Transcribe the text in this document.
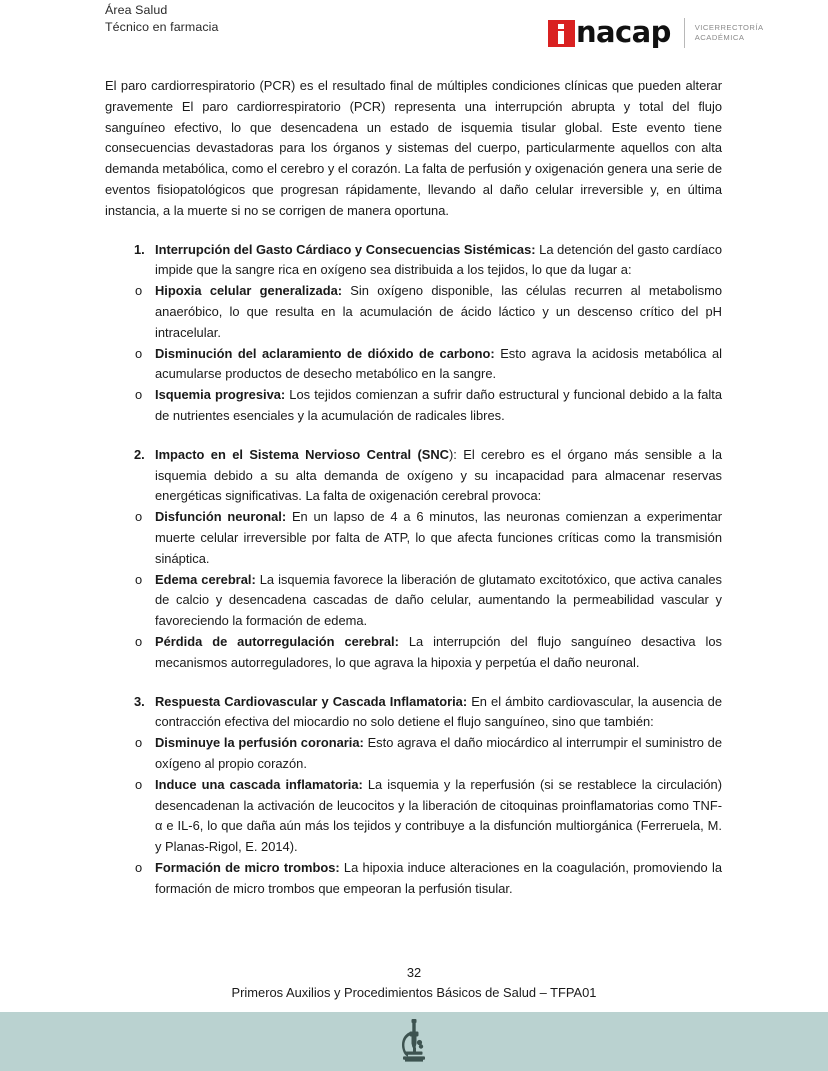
Área Salud
Técnico en farmacia	nacap	VICERRECTORÍA
ACADÉMICA

El paro cardiorrespiratorio (PCR) es el resultado final de múltiples condiciones clínicas que pueden alterar gravemente El paro cardiorrespiratorio (PCR) representa una interrupción abrupta y total del flujo sanguíneo efectivo, lo que desencadena un estado de isquemia tisular global. Este evento tiene consecuencias devastadoras para los órganos y sistemas del cuerpo, particularmente aquellos con alta demanda metabólica, como el cerebro y el corazón. La falta de perfusión y oxigenación genera una serie de eventos fisiopatológicos que progresan rápidamente, llevando al daño celular irreversible y, en última instancia, a la muerte si no se corrigen de manera oportuna.

1. Interrupción del Gasto Cárdiaco y Consecuencias Sistémicas: La detención del gasto cardíaco impide que la sangre rica en oxígeno sea distribuida a los tejidos, lo que da lugar a:
o Hipoxia celular generalizada: Sin oxígeno disponible, las células recurren al metabolismo anaeróbico, lo que resulta en la acumulación de ácido láctico y un descenso crítico del pH intracelular.
o Disminución del aclaramiento de dióxido de carbono: Esto agrava la acidosis metabólica al acumularse productos de desecho metabólico en la sangre.
o Isquemia progresiva: Los tejidos comienzan a sufrir daño estructural y funcional debido a la falta de nutrientes esenciales y la acumulación de radicales libres.
2. Impacto en el Sistema Nervioso Central (SNC): El cerebro es el órgano más sensible a la isquemia debido a su alta demanda de oxígeno y su incapacidad para almacenar reservas energéticas significativas. La falta de oxigenación cerebral provoca:
o Disfunción neuronal: En un lapso de 4 a 6 minutos, las neuronas comienzan a experimentar muerte celular irreversible por falta de ATP, lo que afecta funciones críticas como la transmisión sináptica.
o Edema cerebral: La isquemia favorece la liberación de glutamato excitotóxico, que activa canales de calcio y desencadena cascadas de daño celular, aumentando la permeabilidad vascular y favoreciendo la formación de edema.
o Pérdida de autorregulación cerebral: La interrupción del flujo sanguíneo desactiva los mecanismos autorreguladores, lo que agrava la hipoxia y perpetúa el daño neuronal.
3. Respuesta Cardiovascular y Cascada Inflamatoria: En el ámbito cardiovascular, la ausencia de contracción efectiva del miocardio no solo detiene el flujo sanguíneo, sino que también:
o Disminuye la perfusión coronaria: Esto agrava el daño miocárdico al interrumpir el suministro de oxígeno al propio corazón.
o Induce una cascada inflamatoria: La isquemia y la reperfusión (si se restablece la circulación) desencadenan la activación de leucocitos y la liberación de citoquinas proinflamatorias como TNF-α e IL-6, lo que daña aún más los tejidos y contribuye a la disfunción multiorgánica (Ferreruela, M. y Planas-Rigol, E. 2014).
o Formación de micro trombos: La hipoxia induce alteraciones en la coagulación, promoviendo la formación de micro trombos que empeoran la perfusión tisular.
32
Primeros Auxilios y Procedimientos Básicos de Salud – TFPA01
